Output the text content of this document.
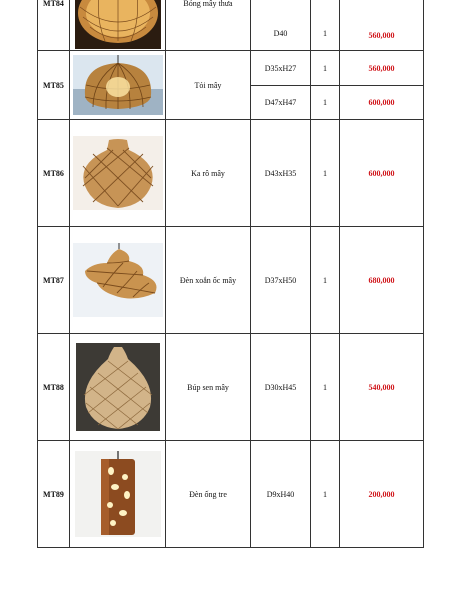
MT84		Bóng mây thưa	D40	1	560,000
MT85		Tỏi mây	D35xH27	1	560,000
			D47xH47	1	600,000
MT86		Ka rô mây	D43xH35	1	600,000
MT87		Đèn xoắn ốc mây	D37xH50	1	680,000
MT88		Búp sen mây	D30xH45	1	540,000
MT89		Đèn ống tre	D9xH40	1	200,000
